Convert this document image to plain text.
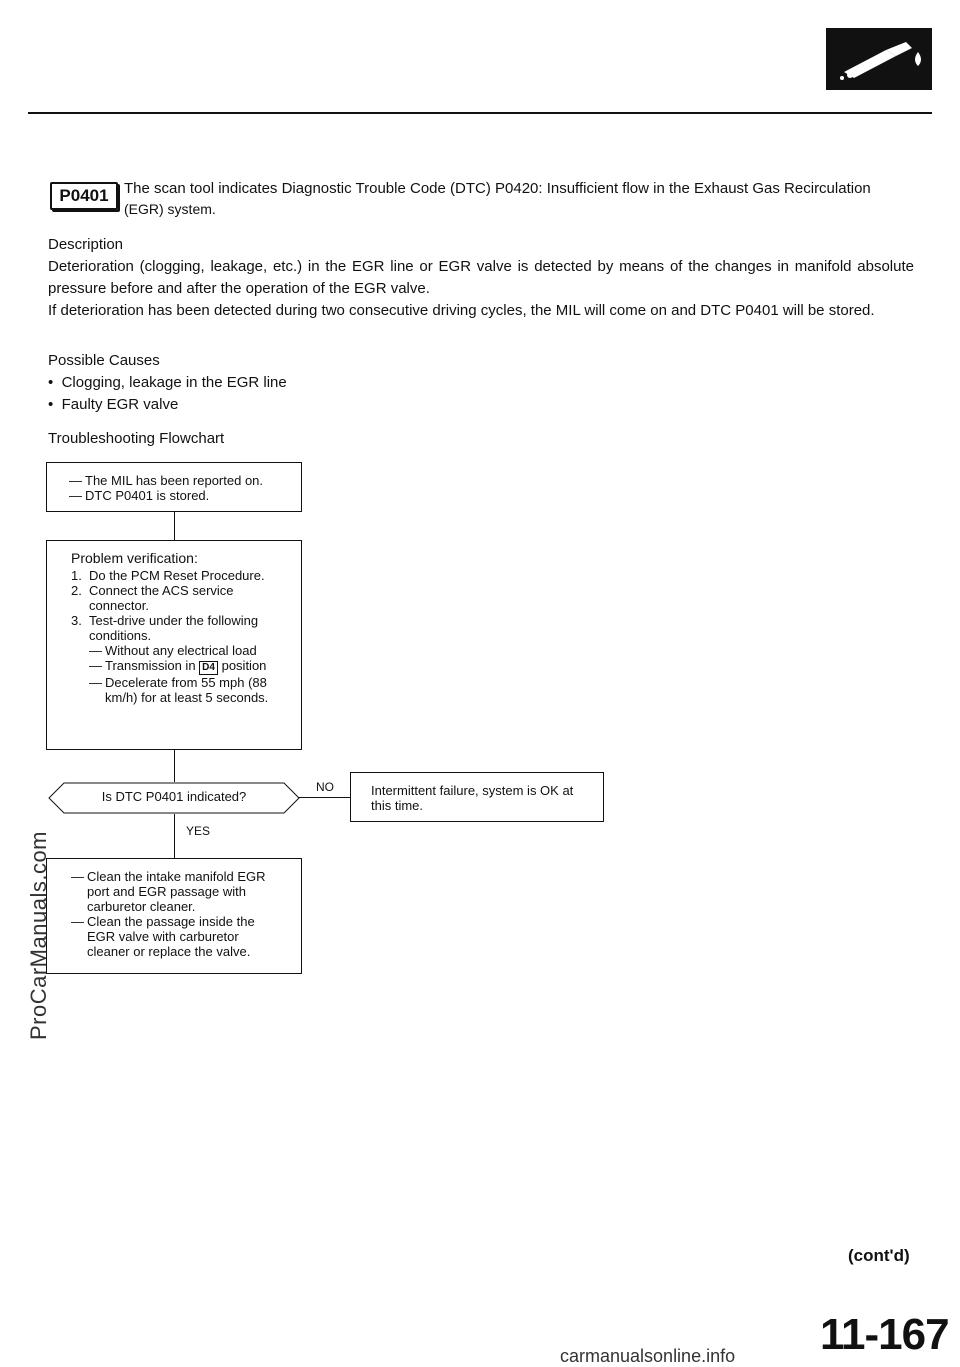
P0401	The scan tool indicates Diagnostic Trouble Code (DTC) P0420: Insufficient flow in the Exhaust Gas Recirculation
(EGR) system.
Description
Deterioration (clogging, leakage, etc.) in the EGR line or EGR valve is detected by means of the changes in manifold absolute pressure before and after the operation of the EGR valve.
If deterioration has been detected during two consecutive driving cycles, the MIL will come on and DTC P0401 will be stored.
Possible Causes
•  Clogging, leakage in the EGR line
•  Faulty EGR valve
Troubleshooting Flowchart
— The MIL has been reported on.
— DTC P0401 is stored.
Problem verification:
1. Do the PCM Reset Procedure.
2. Connect the ACS service connector.
3. Test-drive under the following conditions.
— Without any electrical load
— Transmission in D4 position
— Decelerate from 55 mph (88 km/h) for at least 5 seconds.
Is DTC P0401 indicated?
NO
YES
Intermittent failure, system is OK at this time.
— Clean the intake manifold EGR port and EGR passage with carburetor cleaner.
— Clean the passage inside the EGR valve with carburetor cleaner or replace the valve.
ProCarManuals.com
(cont'd)
11-167
carmanualsonline.info
